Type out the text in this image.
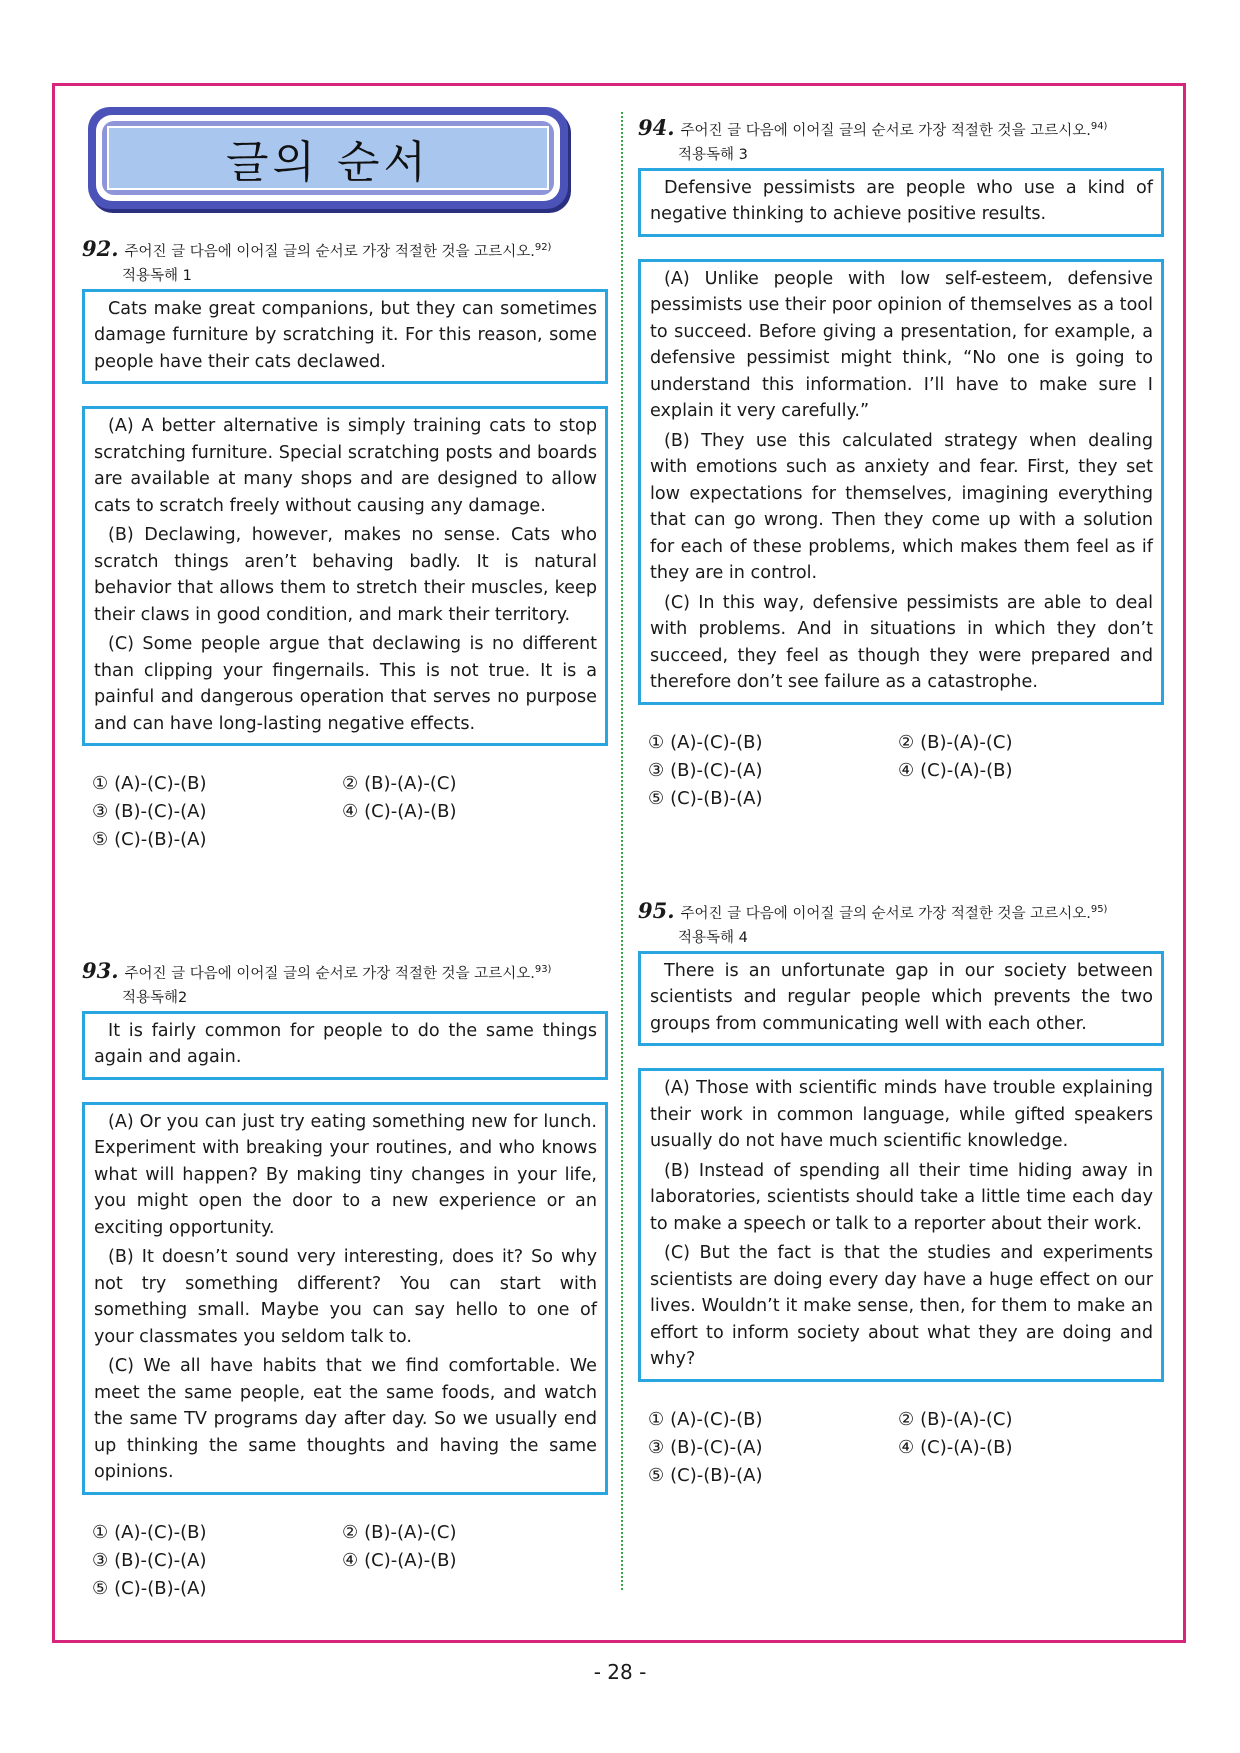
글의 순서
92. 주어진 글 다음에 이어질 글의 순서로 가장 적절한 것을 고르시오.$^{92)}$
적용독해 1

Cats make great companions, but they can sometimes damage furniture by scratching it. For this reason, some people have their cats declawed.

(A) A better alternative is simply training cats to stop scratching furniture. Special scratching posts and boards are available at many shops and are designed to allow cats to scratch freely without causing any damage.

(B) Declawing, however, makes no sense. Cats who scratch things aren’t behaving badly. It is natural behavior that allows them to stretch their muscles, keep their claws in good condition, and mark their territory.

(C) Some people argue that declawing is no different than clipping your fingernails. This is not true. It is a painful and dangerous operation that serves no purpose and can have long-lasting negative effects.

① (A)-(C)-(B)	② (B)-(A)-(C)
③ (B)-(C)-(A)	④ (C)-(A)-(B)
⑤ (C)-(B)-(A)
93. 주어진 글 다음에 이어질 글의 순서로 가장 적절한 것을 고르시오.$^{93)}$
적용독해2

It is fairly common for people to do the same things again and again.

(A) Or you can just try eating something new for lunch. Experiment with breaking your routines, and who knows what will happen? By making tiny changes in your life, you might open the door to a new experience or an exciting opportunity.

(B) It doesn’t sound very interesting, does it? So why not try something different? You can start with something small. Maybe you can say hello to one of your classmates you seldom talk to.

(C) We all have habits that we find comfortable. We meet the same people, eat the same foods, and watch the same TV programs day after day. So we usually end up thinking the same thoughts and having the same opinions.

① (A)-(C)-(B)	② (B)-(A)-(C)
③ (B)-(C)-(A)	④ (C)-(A)-(B)
⑤ (C)-(B)-(A)
94. 주어진 글 다음에 이어질 글의 순서로 가장 적절한 것을 고르시오.$^{94)}$
적용독해 3

Defensive pessimists are people who use a kind of negative thinking to achieve positive results.

(A) Unlike people with low self-esteem, defensive pessimists use their poor opinion of themselves as a tool to succeed. Before giving a presentation, for example, a defensive pessimist might think, “No one is going to understand this information. I’ll have to make sure I explain it very carefully.”

(B) They use this calculated strategy when dealing with emotions such as anxiety and fear. First, they set low expectations for themselves, imagining everything that can go wrong. Then they come up with a solution for each of these problems, which makes them feel as if they are in control.

(C) In this way, defensive pessimists are able to deal with problems. And in situations in which they don’t succeed, they feel as though they were prepared and therefore don’t see failure as a catastrophe.

① (A)-(C)-(B)	② (B)-(A)-(C)
③ (B)-(C)-(A)	④ (C)-(A)-(B)
⑤ (C)-(B)-(A)
95. 주어진 글 다음에 이어질 글의 순서로 가장 적절한 것을 고르시오.$^{95)}$
적용독해 4

There is an unfortunate gap in our society between scientists and regular people which prevents the two groups from communicating well with each other.

(A) Those with scientific minds have trouble explaining their work in common language, while gifted speakers usually do not have much scientific knowledge.

(B) Instead of spending all their time hiding away in laboratories, scientists should take a little time each day to make a speech or talk to a reporter about their work.

(C) But the fact is that the studies and experiments scientists are doing every day have a huge effect on our lives. Wouldn’t it make sense, then, for them to make an effort to inform society about what they are doing and why?

① (A)-(C)-(B)	② (B)-(A)-(C)
③ (B)-(C)-(A)	④ (C)-(A)-(B)
⑤ (C)-(B)-(A)
- 28 -
